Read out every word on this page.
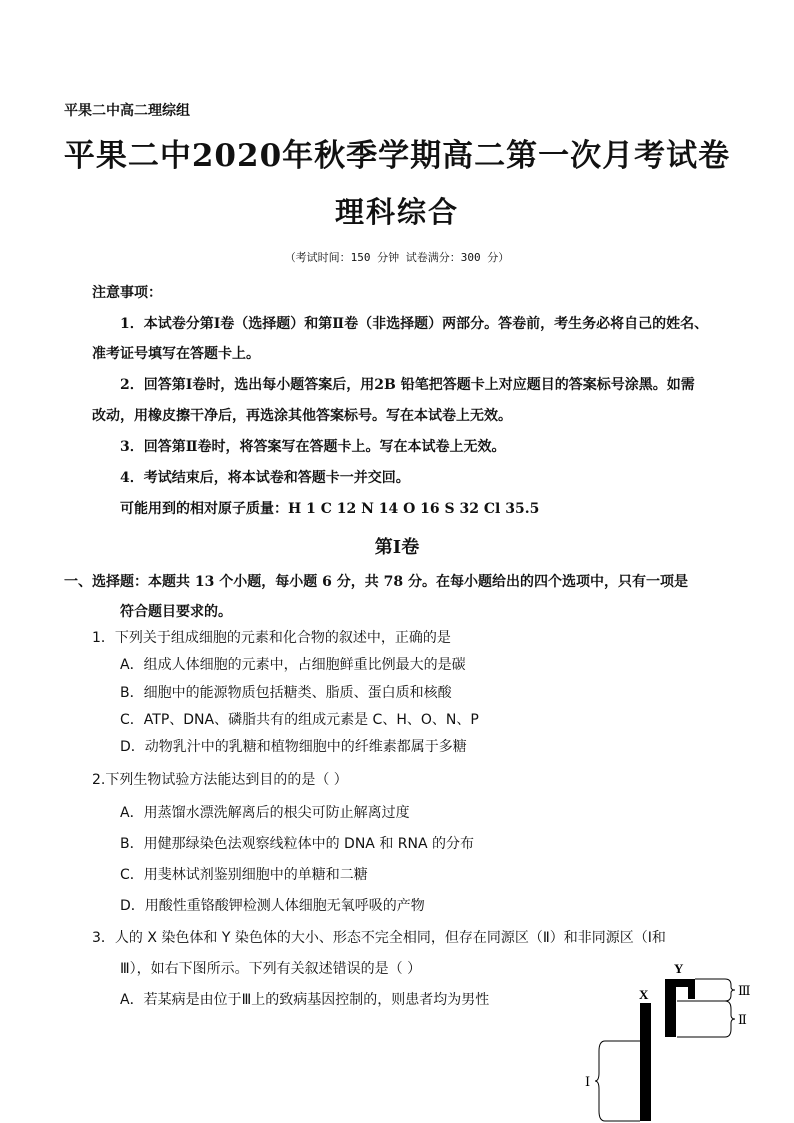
平果二中高二理综组
平果二中2020年秋季学期高二第一次月考试卷
理科综合
（考试时间：150 分钟 试卷满分：300 分）
注意事项：
1．本试卷分第Ⅰ卷（选择题）和第Ⅱ卷（非选择题）两部分。答卷前，考生务必将自己的姓名、
准考证号填写在答题卡上。
2．回答第Ⅰ卷时，选出每小题答案后，用2B 铅笔把答题卡上对应题目的答案标号涂黑。如需
改动，用橡皮擦干净后，再选涂其他答案标号。写在本试卷上无效。
3．回答第Ⅱ卷时，将答案写在答题卡上。写在本试卷上无效。
4．考试结束后，将本试卷和答题卡一并交回。
可能用到的相对原子质量：H 1 C 12 N 14 O 16 S 32 Cl 35.5
第Ⅰ卷
一、选择题：本题共 13 个小题，每小题 6 分，共 78 分。在每小题给出的四个选项中，只有一项是
符合题目要求的。
1．下列关于组成细胞的元素和化合物的叙述中，正确的是
A．组成人体细胞的元素中，占细胞鲜重比例最大的是碳
B．细胞中的能源物质包括糖类、脂质、蛋白质和核酸
C．ATP、DNA、磷脂共有的组成元素是 C、H、O、N、P
D．动物乳汁中的乳糖和植物细胞中的纤维素都属于多糖
2.下列生物试验方法能达到目的的是（ ）
A．用蒸馏水漂洗解离后的根尖可防止解离过度
B．用健那绿染色法观察线粒体中的 DNA 和 RNA 的分布
C．用斐林试剂鉴别细胞中的单糖和二糖
D．用酸性重铬酸钾检测人体细胞无氧呼吸的产物
3．人的 X 染色体和 Y 染色体的大小、形态不完全相同，但存在同源区（Ⅱ）和非同源区（Ⅰ和
Ⅲ），如右下图所示。下列有关叙述错误的是（ ）
A．若某病是由位于Ⅲ上的致病基因控制的，则患者均为男性	X
Y
Ⅲ
Ⅱ
Ⅰ
